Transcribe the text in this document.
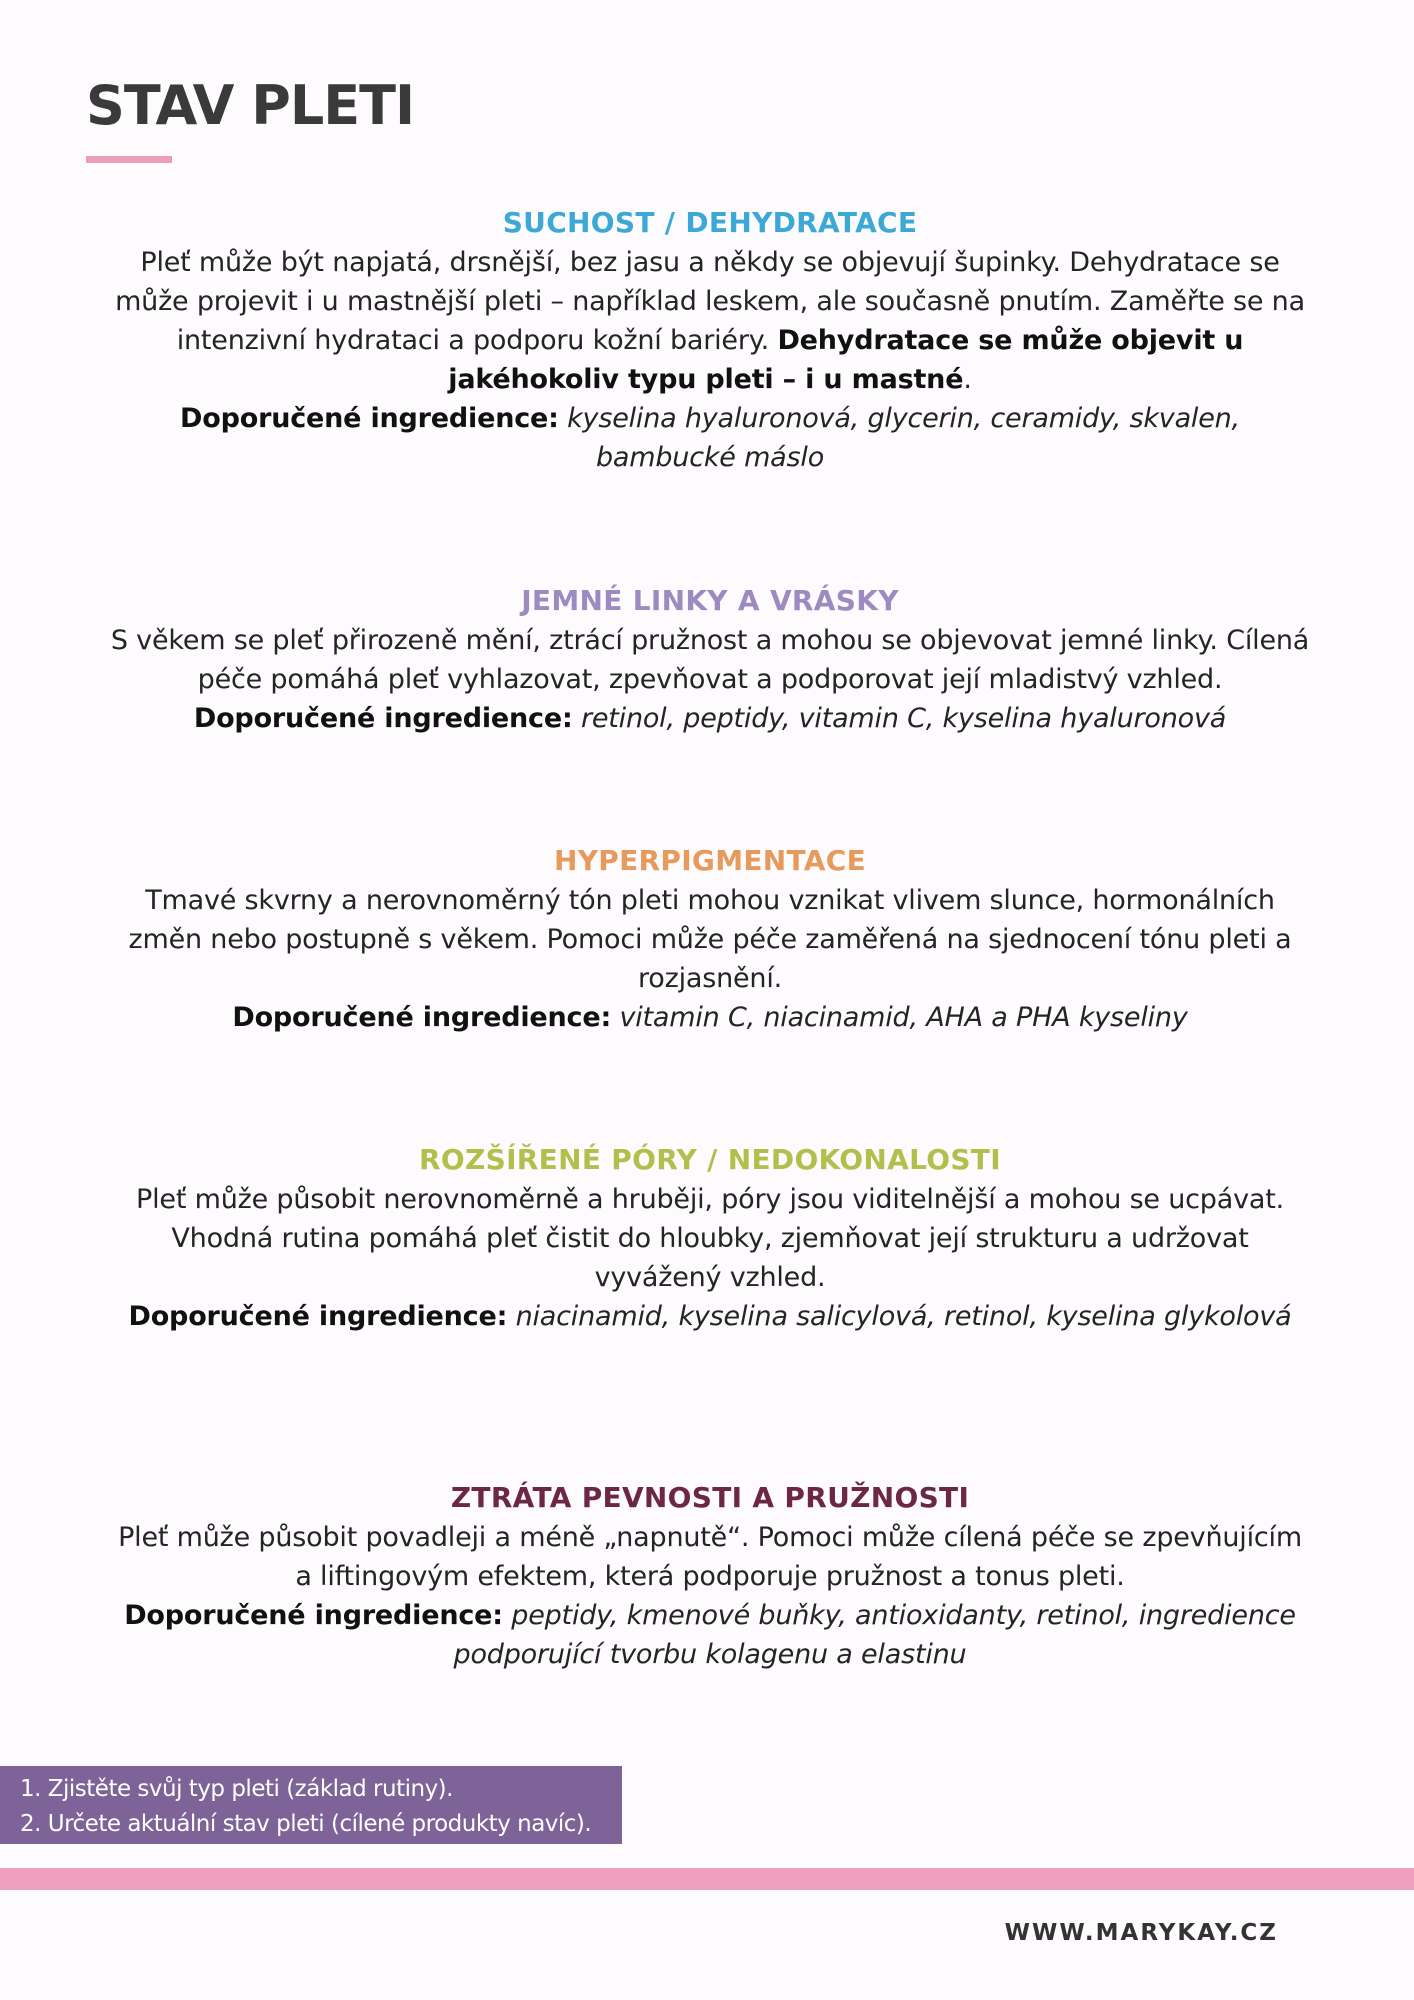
STAV PLETI
SUCHOST / DEHYDRATACE

Pleť může být napjatá, drsnější, bez jasu a někdy se objevují šupinky. Dehydratace se může projevit i u mastnější pleti – například leskem, ale současně pnutím. Zaměřte se na intenzivní hydrataci a podporu kožní bariéry. Dehydratace se může objevit u jakéhokoliv typu pleti – i u mastné.
Doporučené ingredience: kyselina hyaluronová, glycerin, ceramidy, skvalen, bambucké máslo

JEMNÉ LINKY A VRÁSKY

S věkem se pleť přirozeně mění, ztrácí pružnost a mohou se objevovat jemné linky. Cílená péče pomáhá pleť vyhlazovat, zpevňovat a podporovat její mladistvý vzhled.
Doporučené ingredience: retinol, peptidy, vitamin C, kyselina hyaluronová

HYPERPIGMENTACE

Tmavé skvrny a nerovnoměrný tón pleti mohou vznikat vlivem slunce, hormonálních změn nebo postupně s věkem. Pomoci může péče zaměřená na sjednocení tónu pleti a rozjasnění.
Doporučené ingredience: vitamin C, niacinamid, AHA a PHA kyseliny

ROZŠÍŘENÉ PÓRY / NEDOKONALOSTI

Pleť může působit nerovnoměrně a hruběji, póry jsou viditelnější a mohou se ucpávat. Vhodná rutina pomáhá pleť čistit do hloubky, zjemňovat její strukturu a udržovat vyvážený vzhled.
Doporučené ingredience: niacinamid, kyselina salicylová, retinol, kyselina glykolová

ZTRÁTA PEVNOSTI A PRUŽNOSTI

Pleť může působit povadleji a méně „napnutě“. Pomoci může cílená péče se zpevňujícím a liftingovým efektem, která podporuje pružnost a tonus pleti.
Doporučené ingredience: peptidy, kmenové buňky, antioxidanty, retinol, ingredience podporující tvorbu kolagenu a elastinu

1. Zjistěte svůj typ pleti (základ rutiny).
2. Určete aktuální stav pleti (cílené produkty navíc).
WWW.MARYKAY.CZ
